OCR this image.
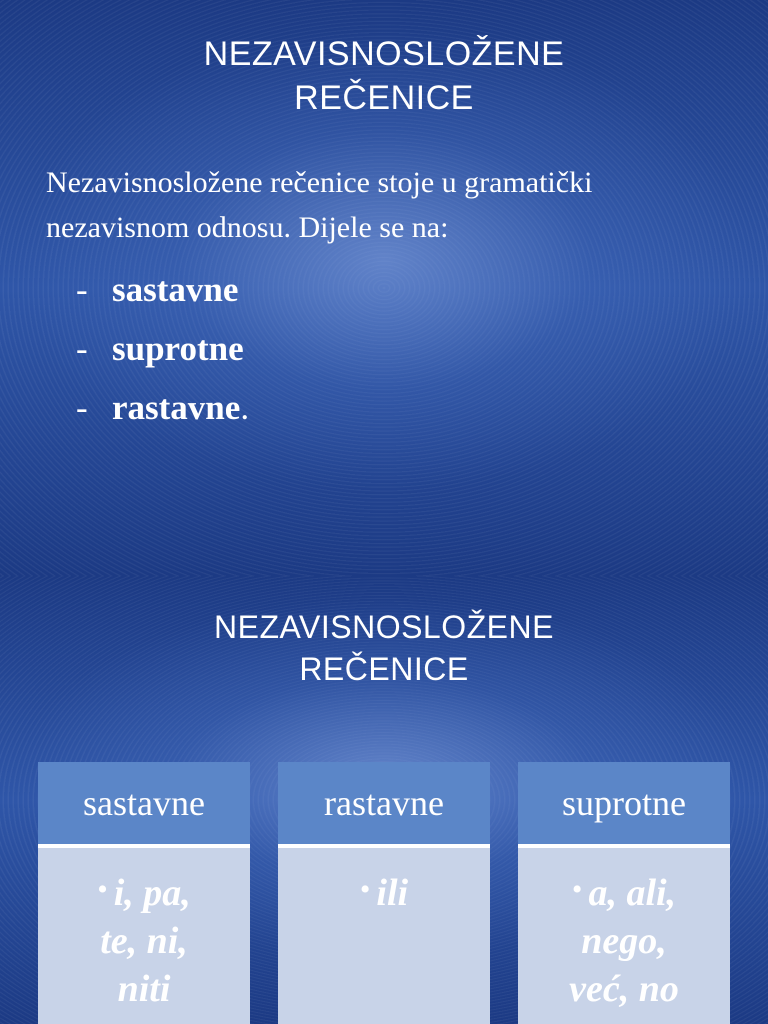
NEZAVISNOSLOŽENE
REČENICE
Nezavisnosložene rečenice stoje u gramatički
nezavisnom odnosu. Dijele se na:
- sastavne
- suprotne
- rastavne .
NEZAVISNOSLOŽENE
REČENICE
sastavne
• i, pa,
te, ni,
niti
rastavne
• ili
suprotne
• a, ali,
nego,
već, no
